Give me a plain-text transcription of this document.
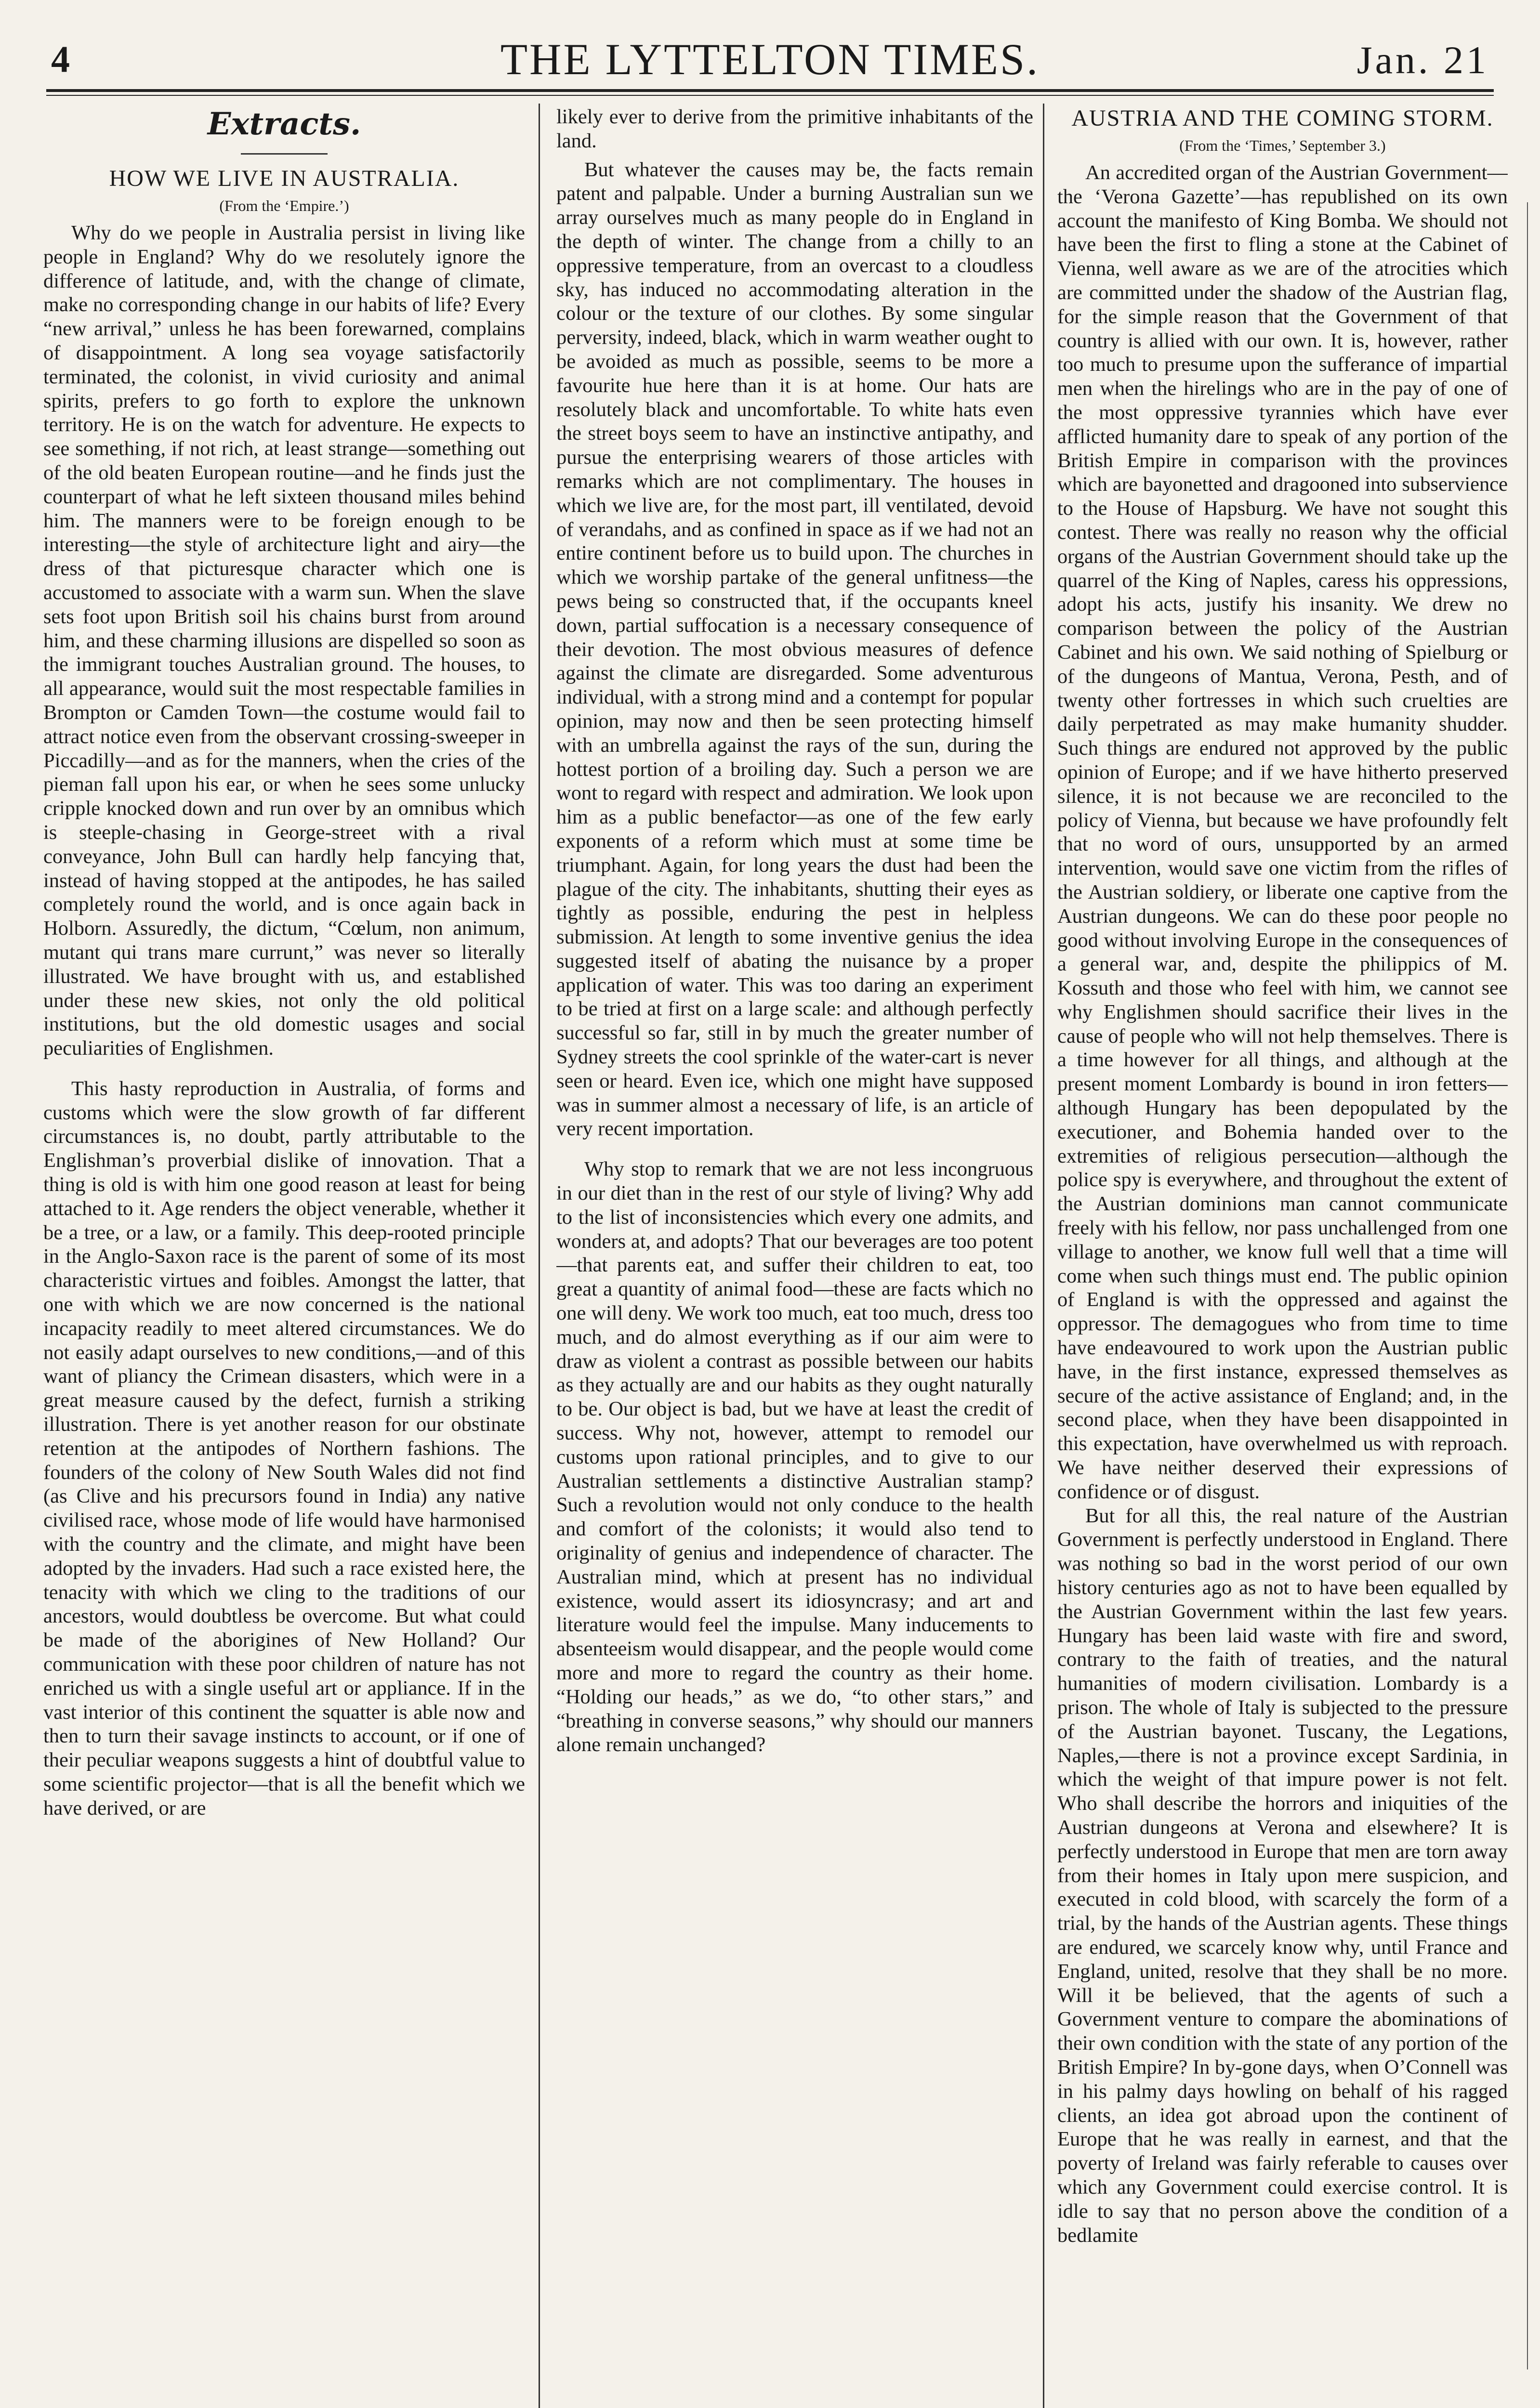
4	THE LYTTELTON TIMES.	Jan. 21
Extracts.
HOW WE LIVE IN AUSTRALIA.
(From the ‘Empire.’)

Why do we people in Australia persist in living like people in England? Why do we resolutely ignore the difference of latitude, and, with the change of climate, make no corresponding change in our habits of life? Every “new arrival,” unless he has been forewarned, complains of disappointment. A long sea voyage satisfactorily terminated, the colonist, in vivid curiosity and animal spirits, prefers to go forth to explore the unknown territory. He is on the watch for adventure. He expects to see something, if not rich, at least strange—something out of the old beaten European routine—and he finds just the counterpart of what he left sixteen thousand miles behind him. The manners were to be foreign enough to be interesting—the style of architecture light and airy—the dress of that picturesque character which one is accustomed to associate with a warm sun. When the slave sets foot upon British soil his chains burst from around him, and these charming illusions are dispelled so soon as the immigrant touches Australian ground. The houses, to all appearance, would suit the most respectable families in Brompton or Camden Town—the costume would fail to attract notice even from the observant crossing-sweeper in Piccadilly—and as for the manners, when the cries of the pieman fall upon his ear, or when he sees some unlucky cripple knocked down and run over by an omnibus which is steeple-chasing in George-street with a rival conveyance, John Bull can hardly help fancying that, instead of having stopped at the antipodes, he has sailed completely round the world, and is once again back in Holborn. Assuredly, the dictum, “Cœlum, non animum, mutant qui trans mare currunt,” was never so literally illustrated. We have brought with us, and established under these new skies, not only the old political institutions, but the old domestic usages and social peculiarities of Englishmen.

This hasty reproduction in Australia, of forms and customs which were the slow growth of far different circumstances is, no doubt, partly attributable to the Englishman’s proverbial dislike of innovation. That a thing is old is with him one good reason at least for being attached to it. Age renders the object venerable, whether it be a tree, or a law, or a family. This deep-rooted principle in the Anglo-Saxon race is the parent of some of its most characteristic virtues and foibles. Amongst the latter, that one with which we are now concerned is the national incapacity readily to meet altered circumstances. We do not easily adapt ourselves to new conditions,—and of this want of pliancy the Crimean disasters, which were in a great measure caused by the defect, furnish a striking illustration. There is yet another reason for our obstinate retention at the antipodes of Northern fashions. The founders of the colony of New South Wales did not find (as Clive and his precursors found in India) any native civilised race, whose mode of life would have harmonised with the country and the climate, and might have been adopted by the invaders. Had such a race existed here, the tenacity with which we cling to the traditions of our ancestors, would doubtless be overcome. But what could be made of the aborigines of New Holland? Our communication with these poor children of nature has not enriched us with a single useful art or appliance. If in the vast interior of this continent the squatter is able now and then to turn their savage instincts to account, or if one of their peculiar weapons suggests a hint of doubtful value to some scientific projector—that is all the benefit which we have derived, or are

likely ever to derive from the primitive inhabitants of the land.

But whatever the causes may be, the facts remain patent and palpable. Under a burning Australian sun we array ourselves much as many people do in England in the depth of winter. The change from a chilly to an oppressive temperature, from an overcast to a cloudless sky, has induced no accommodating alteration in the colour or the texture of our clothes. By some singular perversity, indeed, black, which in warm weather ought to be avoided as much as possible, seems to be more a favourite hue here than it is at home. Our hats are resolutely black and uncomfortable. To white hats even the street boys seem to have an instinctive antipathy, and pursue the enterprising wearers of those articles with remarks which are not complimentary. The houses in which we live are, for the most part, ill ventilated, devoid of verandahs, and as confined in space as if we had not an entire continent before us to build upon. The churches in which we worship partake of the general unfitness—the pews being so constructed that, if the occupants kneel down, partial suffocation is a necessary consequence of their devotion. The most obvious measures of defence against the climate are disregarded. Some adventurous individual, with a strong mind and a contempt for popular opinion, may now and then be seen protecting himself with an umbrella against the rays of the sun, during the hottest portion of a broiling day. Such a person we are wont to regard with respect and admiration. We look upon him as a public benefactor—as one of the few early exponents of a reform which must at some time be triumphant. Again, for long years the dust had been the plague of the city. The inhabitants, shutting their eyes as tightly as possible, enduring the pest in helpless submission. At length to some inventive genius the idea suggested itself of abating the nuisance by a proper application of water. This was too daring an experiment to be tried at first on a large scale: and although perfectly successful so far, still in by much the greater number of Sydney streets the cool sprinkle of the water-cart is never seen or heard. Even ice, which one might have supposed was in summer almost a necessary of life, is an article of very recent importation.

Why stop to remark that we are not less incongruous in our diet than in the rest of our style of living? Why add to the list of inconsistencies which every one admits, and wonders at, and adopts? That our beverages are too potent—that parents eat, and suffer their children to eat, too great a quantity of animal food—these are facts which no one will deny. We work too much, eat too much, dress too much, and do almost everything as if our aim were to draw as violent a contrast as possible between our habits as they actually are and our habits as they ought naturally to be. Our object is bad, but we have at least the credit of success. Why not, however, attempt to remodel our customs upon rational principles, and to give to our Australian settlements a distinctive Australian stamp? Such a revolution would not only conduce to the health and comfort of the colonists; it would also tend to originality of genius and independence of character. The Australian mind, which at present has no individual existence, would assert its idiosyncrasy; and art and literature would feel the impulse. Many inducements to absenteeism would disappear, and the people would come more and more to regard the country as their home. “Holding our heads,” as we do, “to other stars,” and “breathing in converse seasons,” why should our manners alone remain unchanged?

AUSTRIA AND THE COMING STORM.
(From the ‘Times,’ September 3.)

An accredited organ of the Austrian Government—the ‘Verona Gazette’—has republished on its own account the manifesto of King Bomba. We should not have been the first to fling a stone at the Cabinet of Vienna, well aware as we are of the atrocities which are committed under the shadow of the Austrian flag, for the simple reason that the Government of that country is allied with our own. It is, however, rather too much to presume upon the sufferance of impartial men when the hirelings who are in the pay of one of the most oppressive tyrannies which have ever afflicted humanity dare to speak of any portion of the British Empire in comparison with the provinces which are bayonetted and dragooned into subservience to the House of Hapsburg. We have not sought this contest. There was really no reason why the official organs of the Austrian Government should take up the quarrel of the King of Naples, caress his oppressions, adopt his acts, justify his insanity. We drew no comparison between the policy of the Austrian Cabinet and his own. We said nothing of Spielburg or of the dungeons of Mantua, Verona, Pesth, and of twenty other fortresses in which such cruelties are daily perpetrated as may make humanity shudder. Such things are endured not approved by the public opinion of Europe; and if we have hitherto preserved silence, it is not because we are reconciled to the policy of Vienna, but because we have profoundly felt that no word of ours, unsupported by an armed intervention, would save one victim from the rifles of the Austrian soldiery, or liberate one captive from the Austrian dungeons. We can do these poor people no good without involving Europe in the consequences of a general war, and, despite the philippics of M. Kossuth and those who feel with him, we cannot see why Englishmen should sacrifice their lives in the cause of people who will not help themselves. There is a time however for all things, and although at the present moment Lombardy is bound in iron fetters—although Hungary has been depopulated by the executioner, and Bohemia handed over to the extremities of religious persecution—although the police spy is everywhere, and throughout the extent of the Austrian dominions man cannot communicate freely with his fellow, nor pass unchallenged from one village to another, we know full well that a time will come when such things must end. The public opinion of England is with the oppressed and against the oppressor. The demagogues who from time to time have endeavoured to work upon the Austrian public have, in the first instance, expressed themselves as secure of the active assistance of England; and, in the second place, when they have been disappointed in this expectation, have overwhelmed us with reproach. We have neither deserved their expressions of confidence or of disgust.

But for all this, the real nature of the Austrian Government is perfectly understood in England. There was nothing so bad in the worst period of our own history centuries ago as not to have been equalled by the Austrian Government within the last few years. Hungary has been laid waste with fire and sword, contrary to the faith of treaties, and the natural humanities of modern civilisation. Lombardy is a prison. The whole of Italy is subjected to the pressure of the Austrian bayonet. Tuscany, the Legations, Naples,—there is not a province except Sardinia, in which the weight of that impure power is not felt. Who shall describe the horrors and iniquities of the Austrian dungeons at Verona and elsewhere? It is perfectly understood in Europe that men are torn away from their homes in Italy upon mere suspicion, and executed in cold blood, with scarcely the form of a trial, by the hands of the Austrian agents. These things are endured, we scarcely know why, until France and England, united, resolve that they shall be no more. Will it be believed, that the agents of such a Government venture to compare the abominations of their own condition with the state of any portion of the British Empire? In by-gone days, when O’Connell was in his palmy days howling on behalf of his ragged clients, an idea got abroad upon the continent of Europe that he was really in earnest, and that the poverty of Ireland was fairly referable to causes over which any Government could exercise control. It is idle to say that no person above the condition of a bedlamite
